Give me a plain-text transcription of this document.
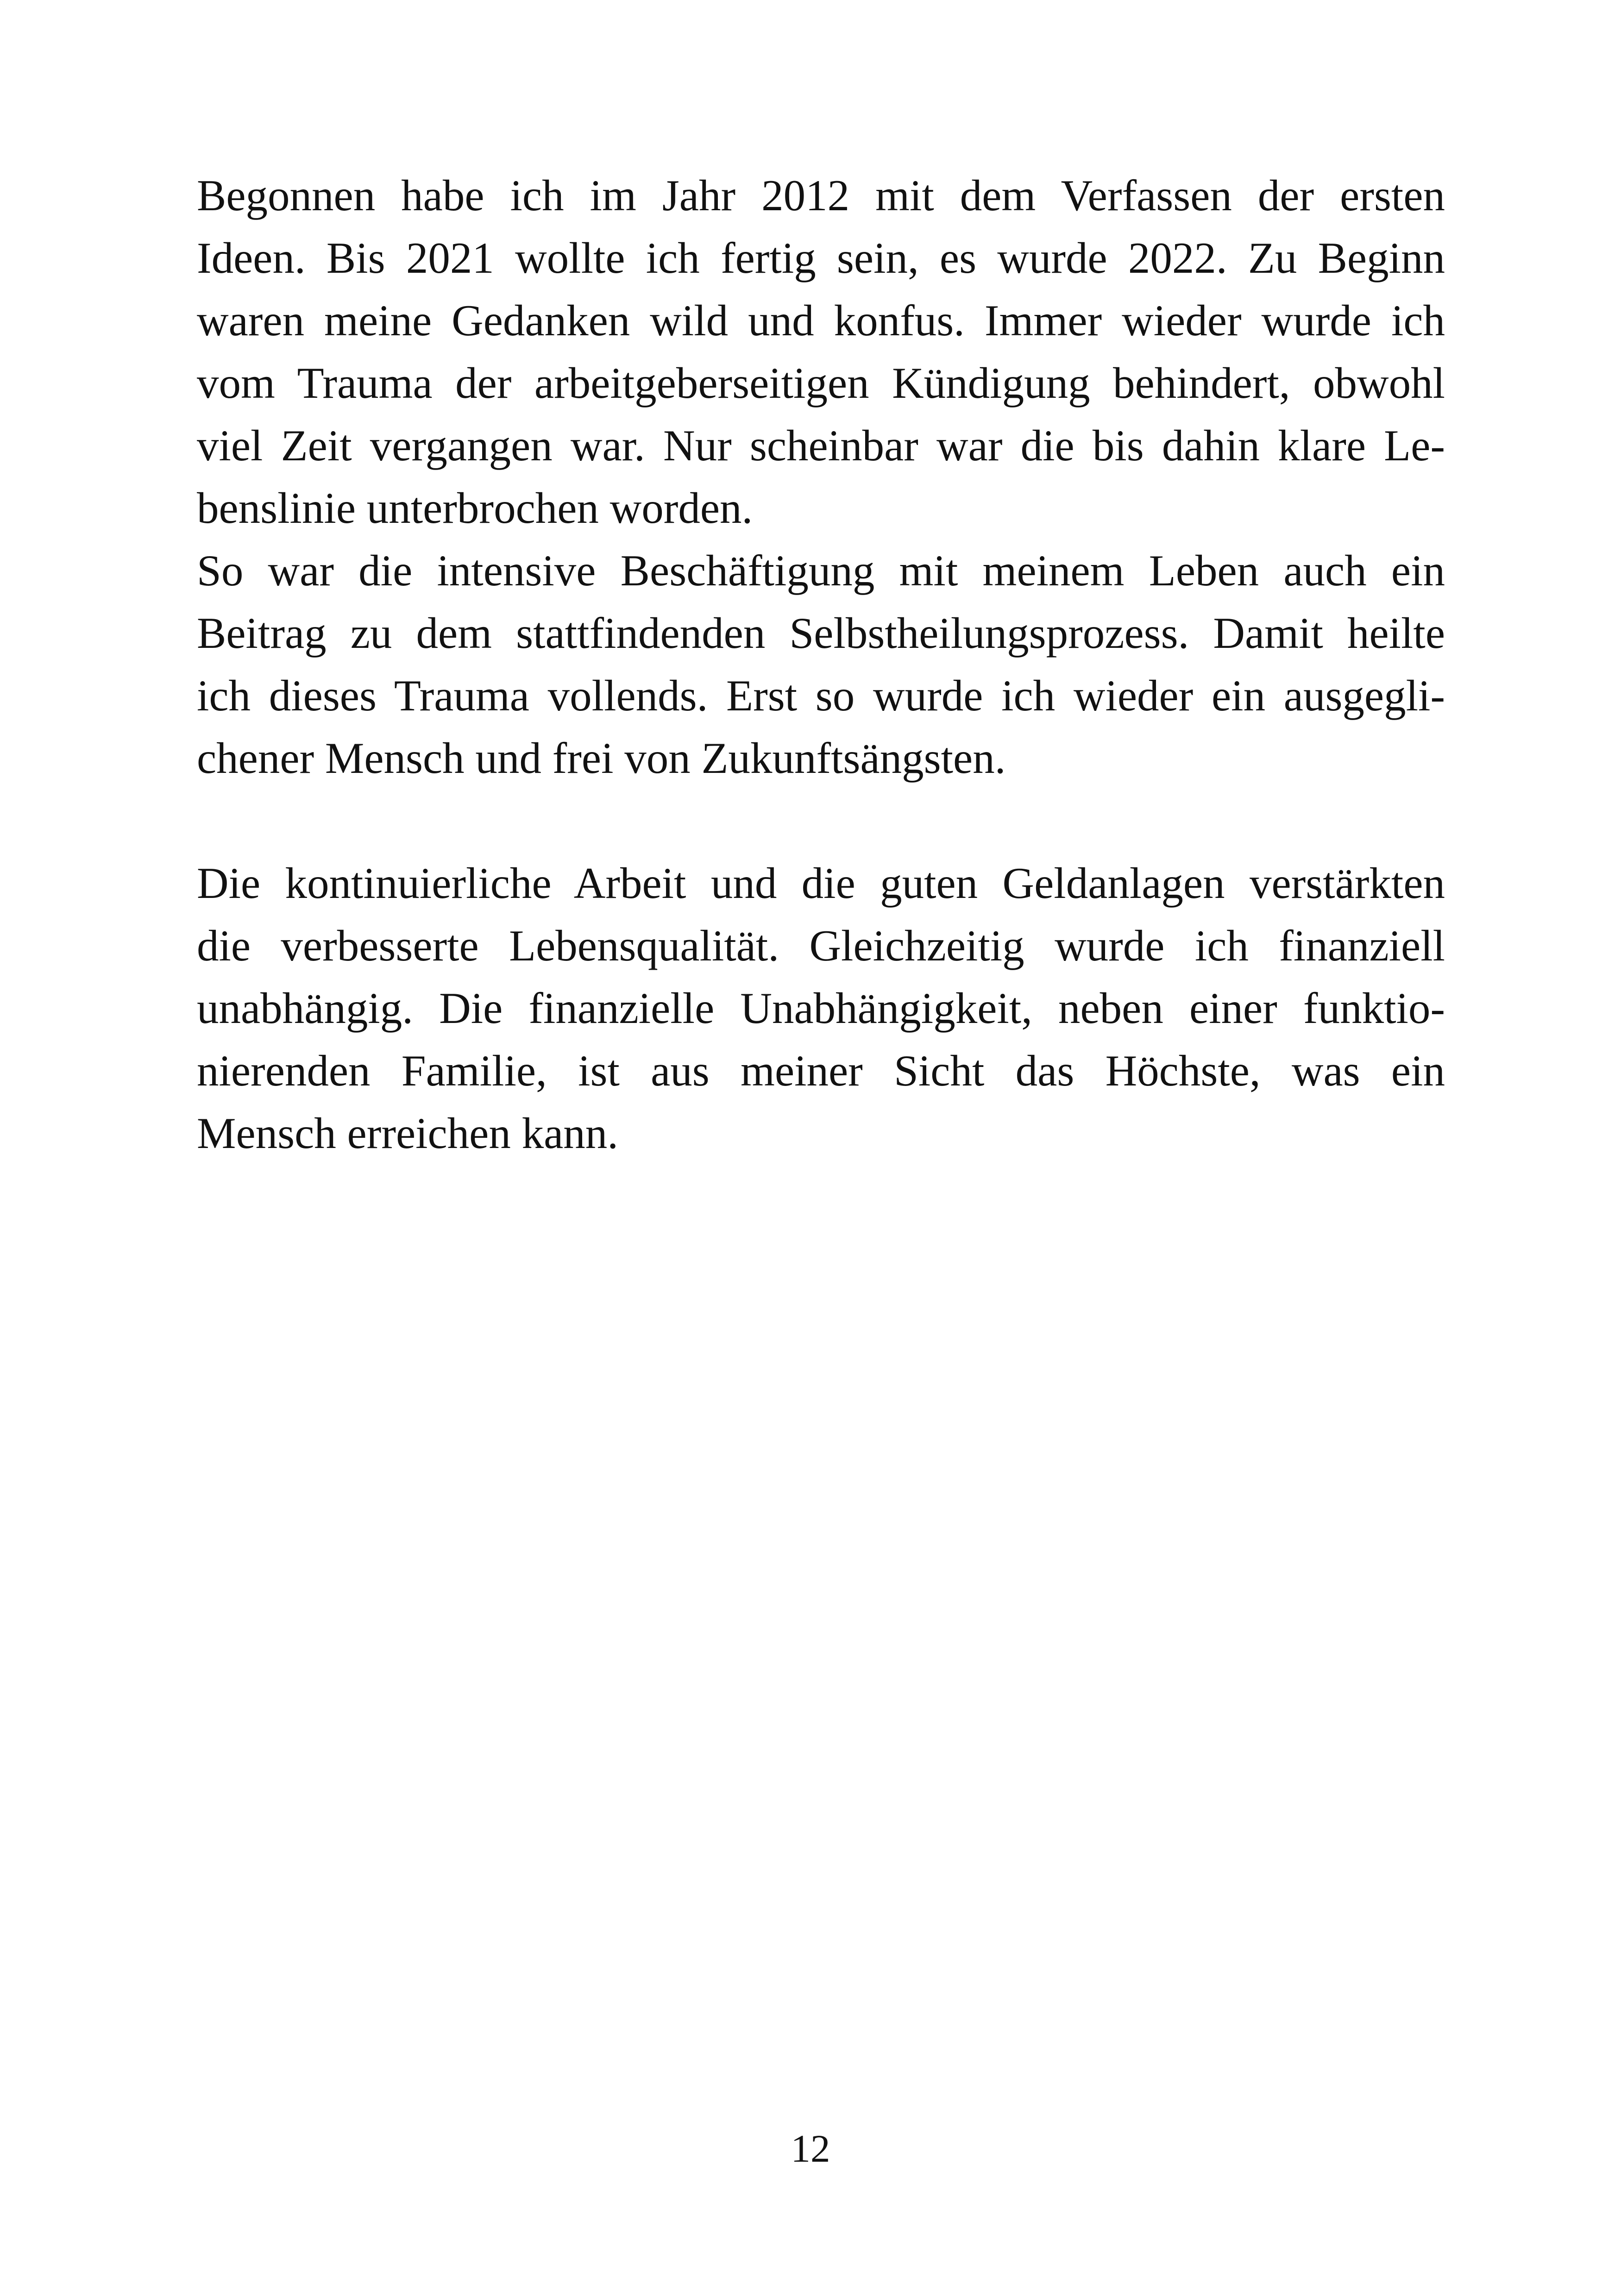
Begonnen habe ich im Jahr 2012 mit dem Verfassen der ersten
Ideen. Bis 2021 wollte ich fertig sein, es wurde 2022. Zu Beginn
waren meine Gedanken wild und konfus. Immer wieder wurde ich
vom Trauma der arbeitgeberseitigen Kündigung behindert, obwohl
viel Zeit vergangen war. Nur scheinbar war die bis dahin klare Le-
benslinie unterbrochen worden.
So war die intensive Beschäftigung mit meinem Leben auch ein
Beitrag zu dem stattfindenden Selbstheilungsprozess. Damit heilte
ich dieses Trauma vollends. Erst so wurde ich wieder ein ausgegli-
chener Mensch und frei von Zukunftsängsten.
Die kontinuierliche Arbeit und die guten Geldanlagen verstärkten
die verbesserte Lebensqualität. Gleichzeitig wurde ich finanziell
unabhängig. Die finanzielle Unabhängigkeit, neben einer funktio-
nierenden Familie, ist aus meiner Sicht das Höchste, was ein
Mensch erreichen kann.
12
